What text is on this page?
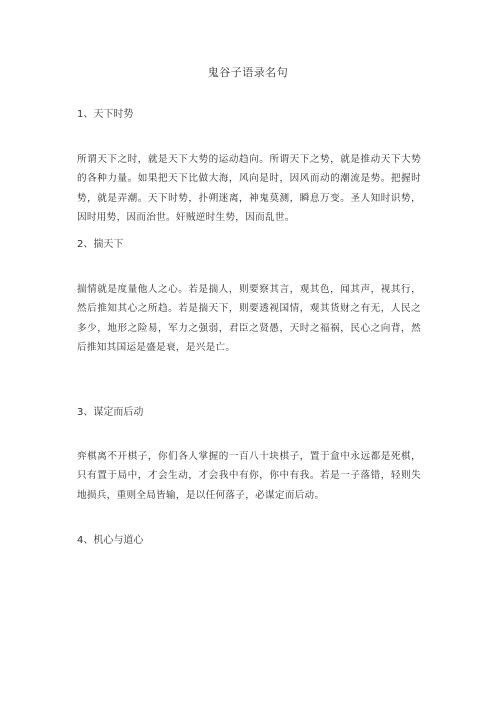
鬼谷子语录名句
1、天下时势
所谓天下之时，就是天下大势的运动趋向。所谓天下之势，就是推动天下大势的各种力量。如果把天下比做大海，风向是时，因风而动的潮流是势。把握时势，就是弄潮。天下时势，扑朔迷离，神鬼莫测，瞬息万变。圣人知时识势，因时用势，因而治世。奸贼逆时生势，因而乱世。
2、揣天下
揣情就是度量他人之心。若是揣人，则要察其言，观其色，闻其声，视其行，然后推知其心之所趋。若是揣天下，则要透视国情，观其货财之有无，人民之多少，地形之险易，军力之强弱，君臣之贤愚，天时之福祸，民心之向背，然后推知其国运是盛是衰，是兴是亡。
3、谋定而后动
弈棋离不开棋子，你们各人掌握的一百八十块棋子，置于盒中永远都是死棋，只有置于局中，才会生动，才会我中有你，你中有我。若是一子落错，轻则失地损兵，重则全局皆输，是以任何落子，必谋定而后动。
4、机心与道心
